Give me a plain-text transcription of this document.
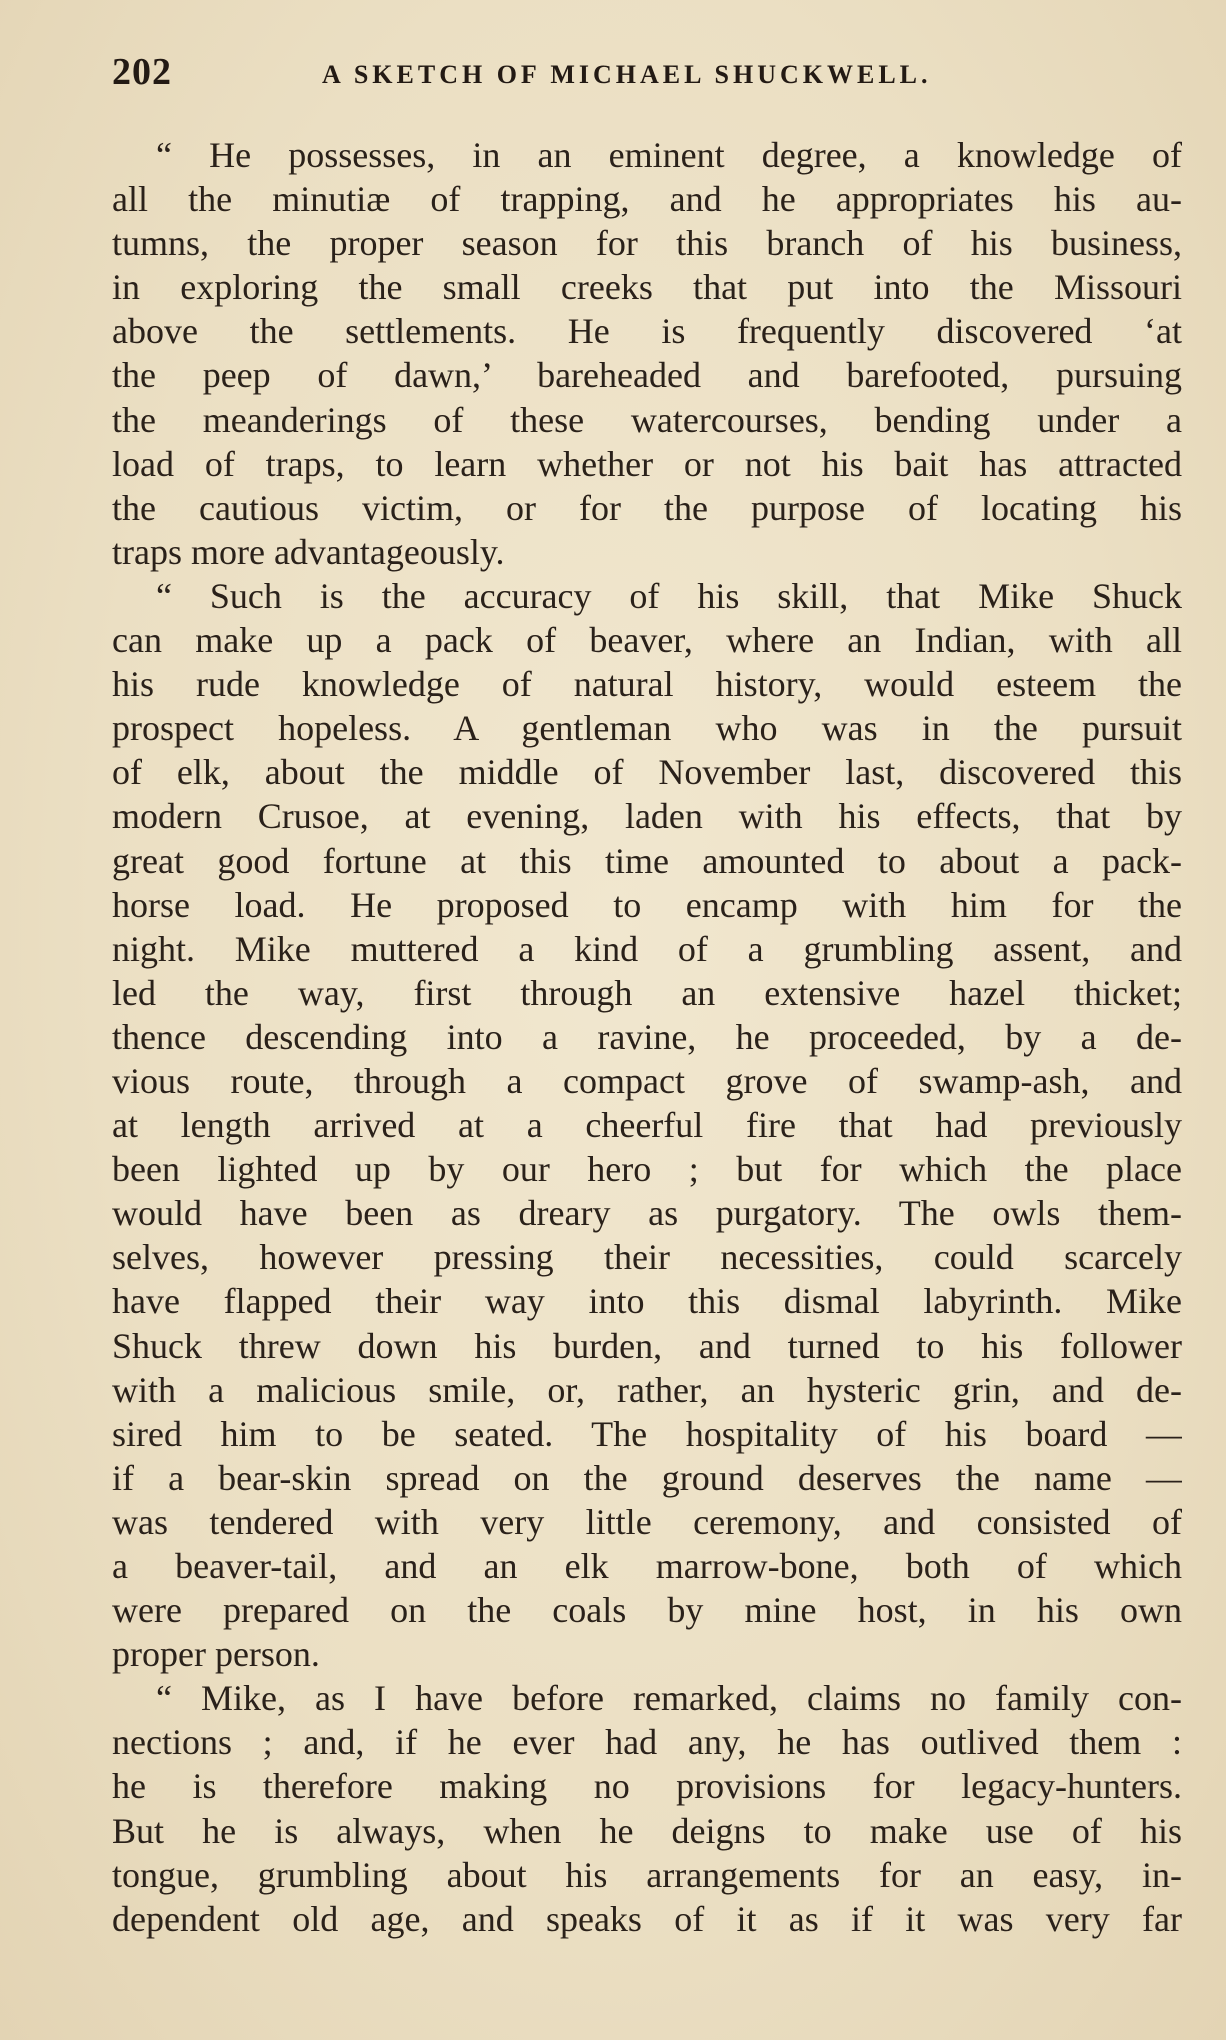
202	A SKETCH OF MICHAEL SHUCKWELL.
“ He possesses, in an eminent degree, a knowledge of
all the minutiæ of trapping, and he appropriates his au-
tumns, the proper season for this branch of his business,
in exploring the small creeks that put into the Missouri
above the settlements. He is frequently discovered ‘at
the peep of dawn,’ bareheaded and barefooted, pursuing
the meanderings of these watercourses, bending under a
load of traps, to learn whether or not his bait has attracted
the cautious victim, or for the purpose of locating his
traps more advantageously.
“ Such is the accuracy of his skill, that Mike Shuck
can make up a pack of beaver, where an Indian, with all
his rude knowledge of natural history, would esteem the
prospect hopeless. A gentleman who was in the pursuit
of elk, about the middle of November last, discovered this
modern Crusoe, at evening, laden with his effects, that by
great good fortune at this time amounted to about a pack-
horse load. He proposed to encamp with him for the
night. Mike muttered a kind of a grumbling assent, and
led the way, first through an extensive hazel thicket;
thence descending into a ravine, he proceeded, by a de-
vious route, through a compact grove of swamp-ash, and
at length arrived at a cheerful fire that had previously
been lighted up by our hero ; but for which the place
would have been as dreary as purgatory. The owls them-
selves, however pressing their necessities, could scarcely
have flapped their way into this dismal labyrinth. Mike
Shuck threw down his burden, and turned to his follower
with a malicious smile, or, rather, an hysteric grin, and de-
sired him to be seated. The hospitality of his board —
if a bear-skin spread on the ground deserves the name —
was tendered with very little ceremony, and consisted of
a beaver-tail, and an elk marrow-bone, both of which
were prepared on the coals by mine host, in his own
proper person.
“ Mike, as I have before remarked, claims no family con-
nections ; and, if he ever had any, he has outlived them :
he is therefore making no provisions for legacy-hunters.
But he is always, when he deigns to make use of his
tongue, grumbling about his arrangements for an easy, in-
dependent old age, and speaks of it as if it was very far
